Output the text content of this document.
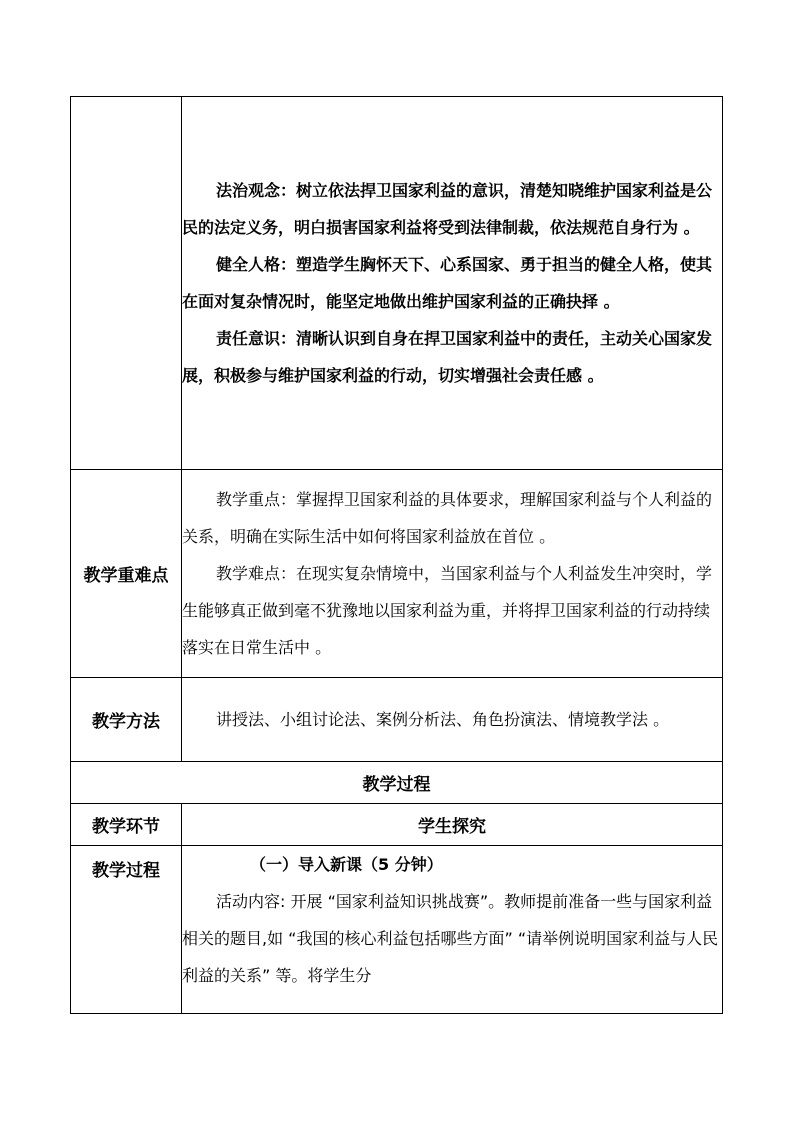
	法治观念：树立依法捍卫国家利益的意识，清楚知晓维护国家利益是公民的法定义务，明白损害国家利益将受到法律制裁，依法规范自身行为 。

健全人格：塑造学生胸怀天下、心系国家、勇于担当的健全人格，使其在面对复杂情况时，能坚定地做出维护国家利益的正确抉择 。

责任意识：清晰认识到自身在捍卫国家利益中的责任，主动关心国家发展，积极参与维护国家利益的行动，切实增强社会责任感 。

教学重难点	教学重点：掌握捍卫国家利益的具体要求，理解国家利益与个人利益的关系，明确在实际生活中如何将国家利益放在首位 。

教学难点：在现实复杂情境中，当国家利益与个人利益发生冲突时，学生能够真正做到毫不犹豫地以国家利益为重，并将捍卫国家利益的行动持续落实在日常生活中 。

教学方法	讲授法、小组讨论法、案例分析法、角色扮演法、情境教学法 。

教学过程	
教学环节	学生探究
教学过程	（一）导入新课（5 分钟）

活动内容: 开展 “国家利益知识挑战赛”。教师提前准备一些与国家利益相关的题目,如 “我国的核心利益包括哪些方面” “请举例说明国家利益与人民利益的关系” 等。将学生分
